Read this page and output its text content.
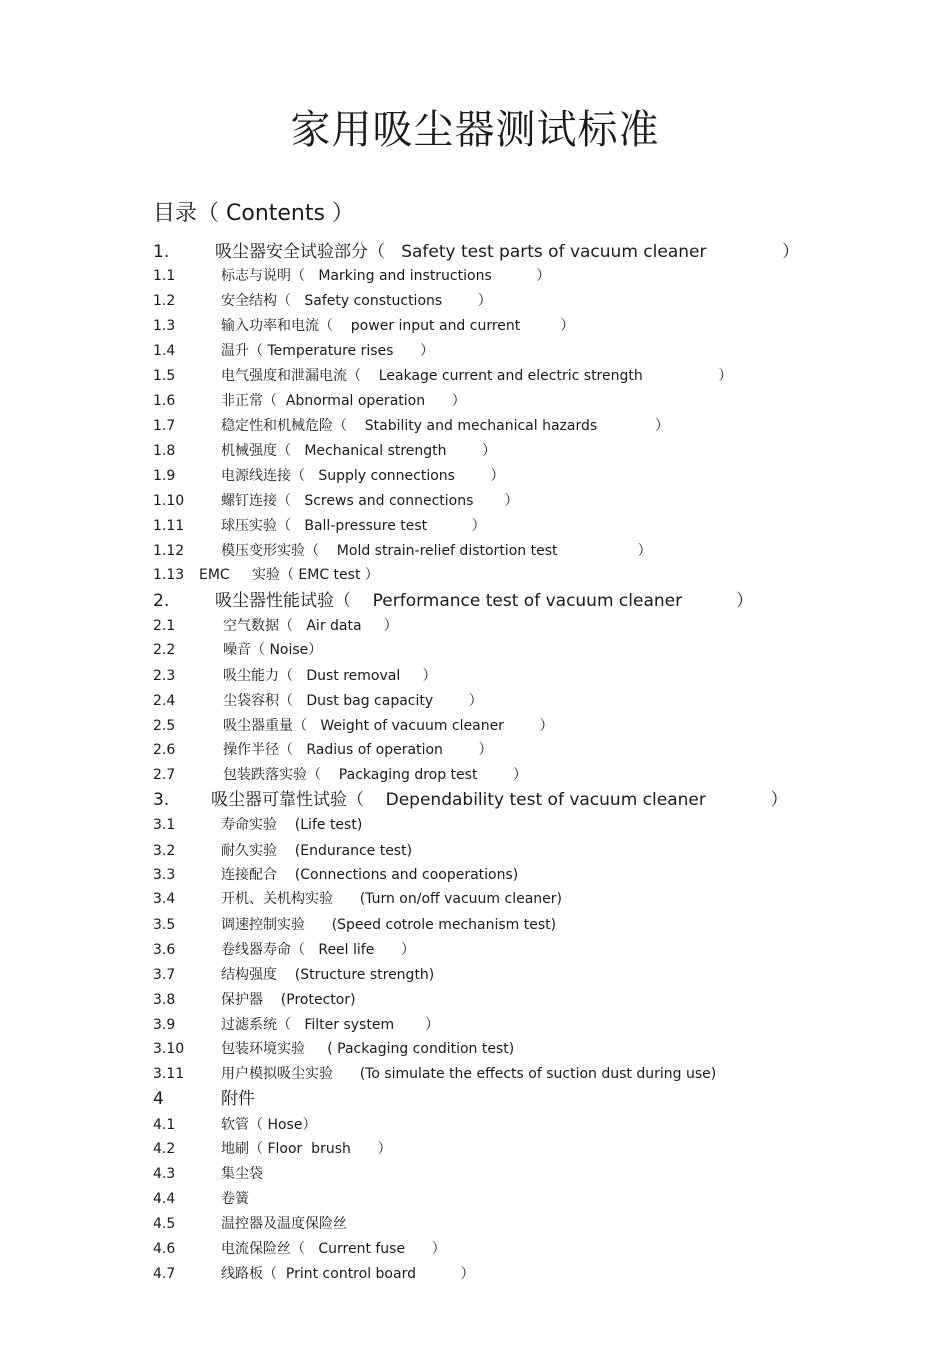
家用吸尘器测试标准
目录（ Contents ）
1.	吸尘器安全试验部分（   Safety test parts of vacuum cleaner              ）
1.1	标志与说明（   Marking and instructions          ）
1.2	安全结构（   Safety constuctions        ）
1.3	输入功率和电流（    power input and current         ）
1.4	温升（ Temperature rises      ）
1.5	电气强度和泄漏电流（    Leakage current and electric strength                 ）
1.6	非正常（  Abnormal operation      ）
1.7	稳定性和机械危险（    Stability and mechanical hazards             ）
1.8	机械强度（   Mechanical strength        ）
1.9	电源线连接（   Supply connections        ）
1.10	螺钉连接（   Screws and connections       ）
1.11	球压实验（   Ball-pressure test          ）
1.12	模压变形实验（    Mold strain-relief distortion test                  ）
1.13 EMC     实验（ EMC test ）
2.	吸尘器性能试验（    Performance test of vacuum cleaner          ）
2.1	空气数据（   Air data     ）
2.2	噪音（ Noise）
2.3	吸尘能力（   Dust removal     ）
2.4	尘袋容积（   Dust bag capacity        ）
2.5	吸尘器重量（   Weight of vacuum cleaner        ）
2.6	操作半径（   Radius of operation        ）
2.7	包装跌落实验（    Packaging drop test        ）
3. 吸尘器可靠性试验（    Dependability test of vacuum cleaner            ）
3.1	寿命实验    (Life test)
3.2	耐久实验    (Endurance test)
3.3	连接配合    (Connections and cooperations)
3.4	开机、关机构实验      (Turn on/off vacuum cleaner)
3.5	调速控制实验      (Speed cotrole mechanism test)
3.6	卷线器寿命（   Reel life      ）
3.7	结构强度    (Structure strength)
3.8	保护器    (Protector)
3.9	过滤系统（   Filter system       ）
3.10	包装环境实验     ( Packaging condition test)
3.11	用户模拟吸尘实验      (To simulate the effects of suction dust during use)
4	附件
4.1	软管（ Hose）
4.2	地刷（ Floor  brush      ）
4.3	集尘袋
4.4	卷簧
4.5	温控器及温度保险丝
4.6	电流保险丝（   Current fuse      ）
4.7	线路板（  Print control board          ）
